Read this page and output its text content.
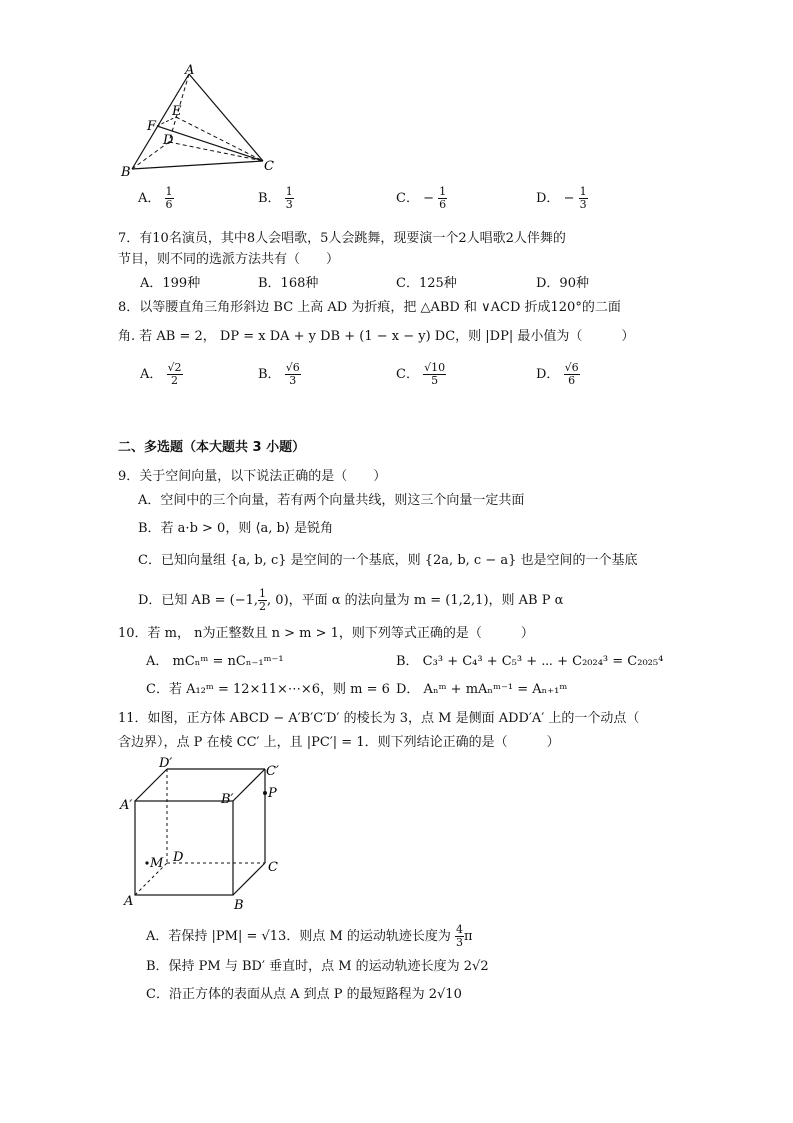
A
E
F
D
B	C
A． $\frac{1}{6}$	B． $\frac{1}{3}$	C． − $\frac{1}{6}$	D． − $\frac{1}{3}$
7．有10名演员，其中8人会唱歌，5人会跳舞，现要演一个2人唱歌2人伴舞的
节目，则不同的选派方法共有（　　）
A．199种	B．168种	C．125种	D．90种
8．以等腰直角三角形斜边 BC 上高 AD 为折痕，把 △ABD 和 ∨ACD 折成120°的二面
角. 若 AB = 2， DP = x DA + y DB + (1 − x − y) DC，则 |DP| 最小值为（　　　）
A． $\frac{√2}{2}$	B． $\frac{√6}{3}$	C． $\frac{√10}{5}$	D． $\frac{√6}{6}$
二、多选题（本大题共 3 小题）
9．关于空间向量，以下说法正确的是（　　）
A．空间中的三个向量，若有两个向量共线，则这三个向量一定共面
B．若 a·b > 0，则 ⟨a, b⟩ 是锐角
C．已知向量组 {a, b, c} 是空间的一个基底，则 {2a, b, c − a} 也是空间的一个基底
D．已知 AB = (−1, $\frac{1}{2}$ , 0)，平面 α 的法向量为 m = (1,2,1)，则 AB P α
10．若 m， n为正整数且 n > m > 1，则下列等式正确的是（　　　）
A． mCₙᵐ = nCₙ₋₁ᵐ⁻¹	B． C₃³ + C₄³ + C₅³ + ⋯ + C₂₀₂₄³ = C₂₀₂₅⁴
C．若 A₁₂ᵐ = 12×11×⋯×6，则 m = 6 D． Aₙᵐ + mAₙᵐ⁻¹ = Aₙ₊₁ᵐ
11．如图，正方体 ABCD − A′B′C′D′ 的棱长为 3，点 M 是侧面 ADD′A′ 上的一个动点（
含边界），点 P 在棱 CC′ 上，且 |PC′| = 1．则下列结论正确的是（　　　）
D′
C′
A′	B′	P
M D
C
A	B
A．若保持 |PM| = √13．则点 M 的运动轨迹长度为 $\frac{4}{3}$ π
B．保持 PM 与 BD′ 垂直时，点 M 的运动轨迹长度为 2√2
C．沿正方体的表面从点 A 到点 P 的最短路程为 2√10
